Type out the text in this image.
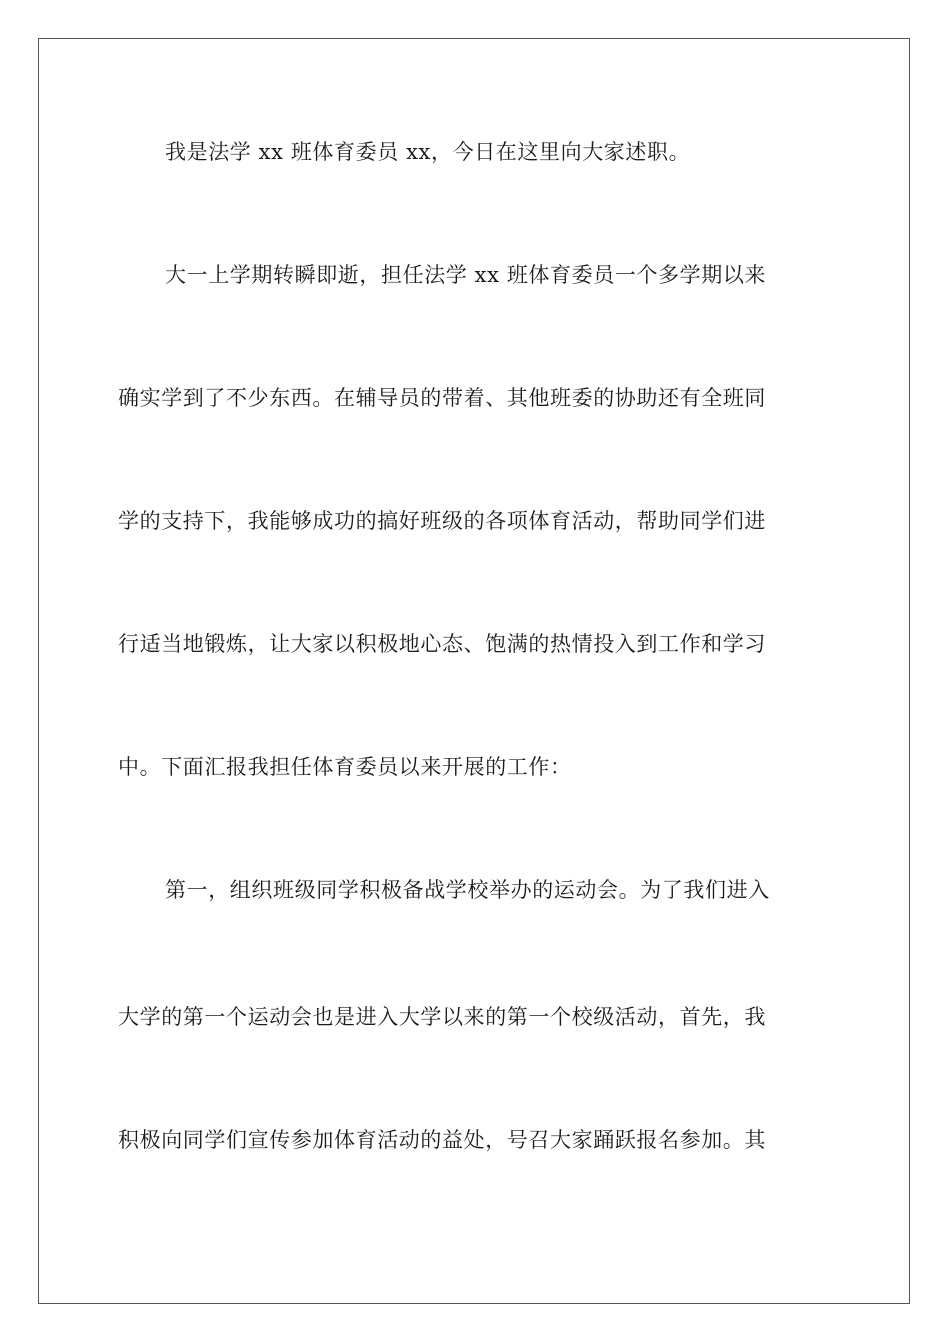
我是法学 xx 班体育委员 xx，今日在这里向大家述职。
大一上学期转瞬即逝，担任法学 xx 班体育委员一个多学期以来
确实学到了不少东西。在辅导员的带着、其他班委的协助还有全班同
学的支持下，我能够成功的搞好班级的各项体育活动，帮助同学们进
行适当地锻炼，让大家以积极地心态、饱满的热情投入到工作和学习
中。下面汇报我担任体育委员以来开展的工作：
第一，组织班级同学积极备战学校举办的运动会。为了我们进入
大学的第一个运动会也是进入大学以来的第一个校级活动，首先，我
积极向同学们宣传参加体育活动的益处，号召大家踊跃报名参加。其
